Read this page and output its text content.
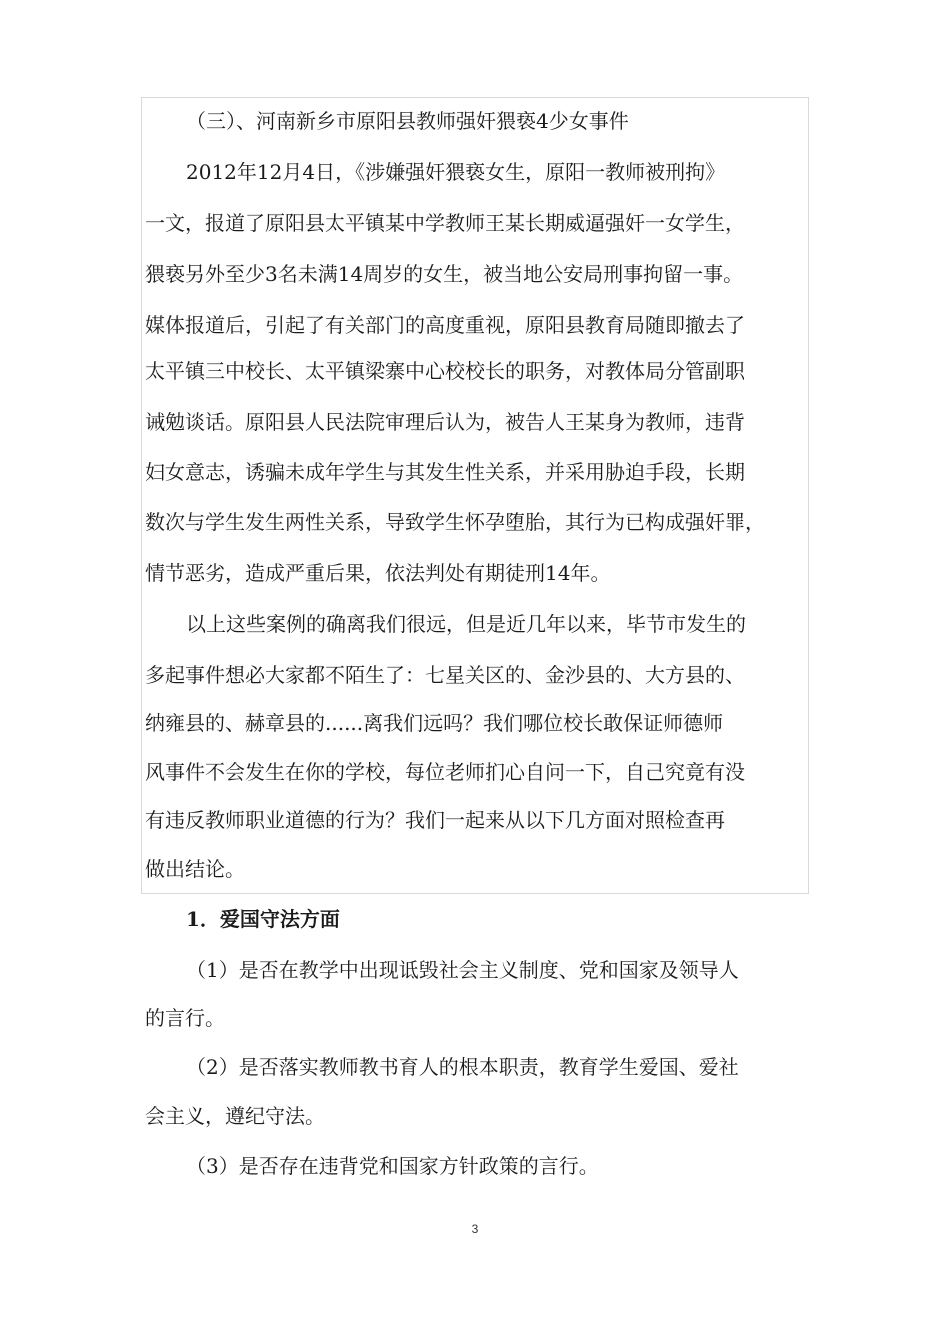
（三）、河南新乡市原阳县教师强奸猥亵4少女事件
2012年12月4日，《涉嫌强奸猥亵女生，原阳一教师被刑拘》
一文，报道了原阳县太平镇某中学教师王某长期威逼强奸一女学生，
猥亵另外至少3名未满14周岁的女生，被当地公安局刑事拘留一事。
媒体报道后，引起了有关部门的高度重视，原阳县教育局随即撤去了
太平镇三中校长、太平镇梁寨中心校校长的职务，对教体局分管副职
诫勉谈话。原阳县人民法院审理后认为，被告人王某身为教师，违背
妇女意志，诱骗未成年学生与其发生性关系，并采用胁迫手段，长期
数次与学生发生两性关系，导致学生怀孕堕胎，其行为已构成强奸罪，
情节恶劣，造成严重后果，依法判处有期徒刑14年。
以上这些案例的确离我们很远，但是近几年以来，毕节市发生的
多起事件想必大家都不陌生了：七星关区的、金沙县的、大方县的、
纳雍县的、赫章县的......离我们远吗？我们哪位校长敢保证师德师
风事件不会发生在你的学校，每位老师扪心自问一下，自己究竟有没
有违反教师职业道德的行为？我们一起来从以下几方面对照检查再
做出结论。
1．爱国守法方面
（1）是否在教学中出现诋毁社会主义制度、党和国家及领导人
的言行。
（2）是否落实教师教书育人的根本职责，教育学生爱国、爱社
会主义，遵纪守法。
（3）是否存在违背党和国家方针政策的言行。
3
